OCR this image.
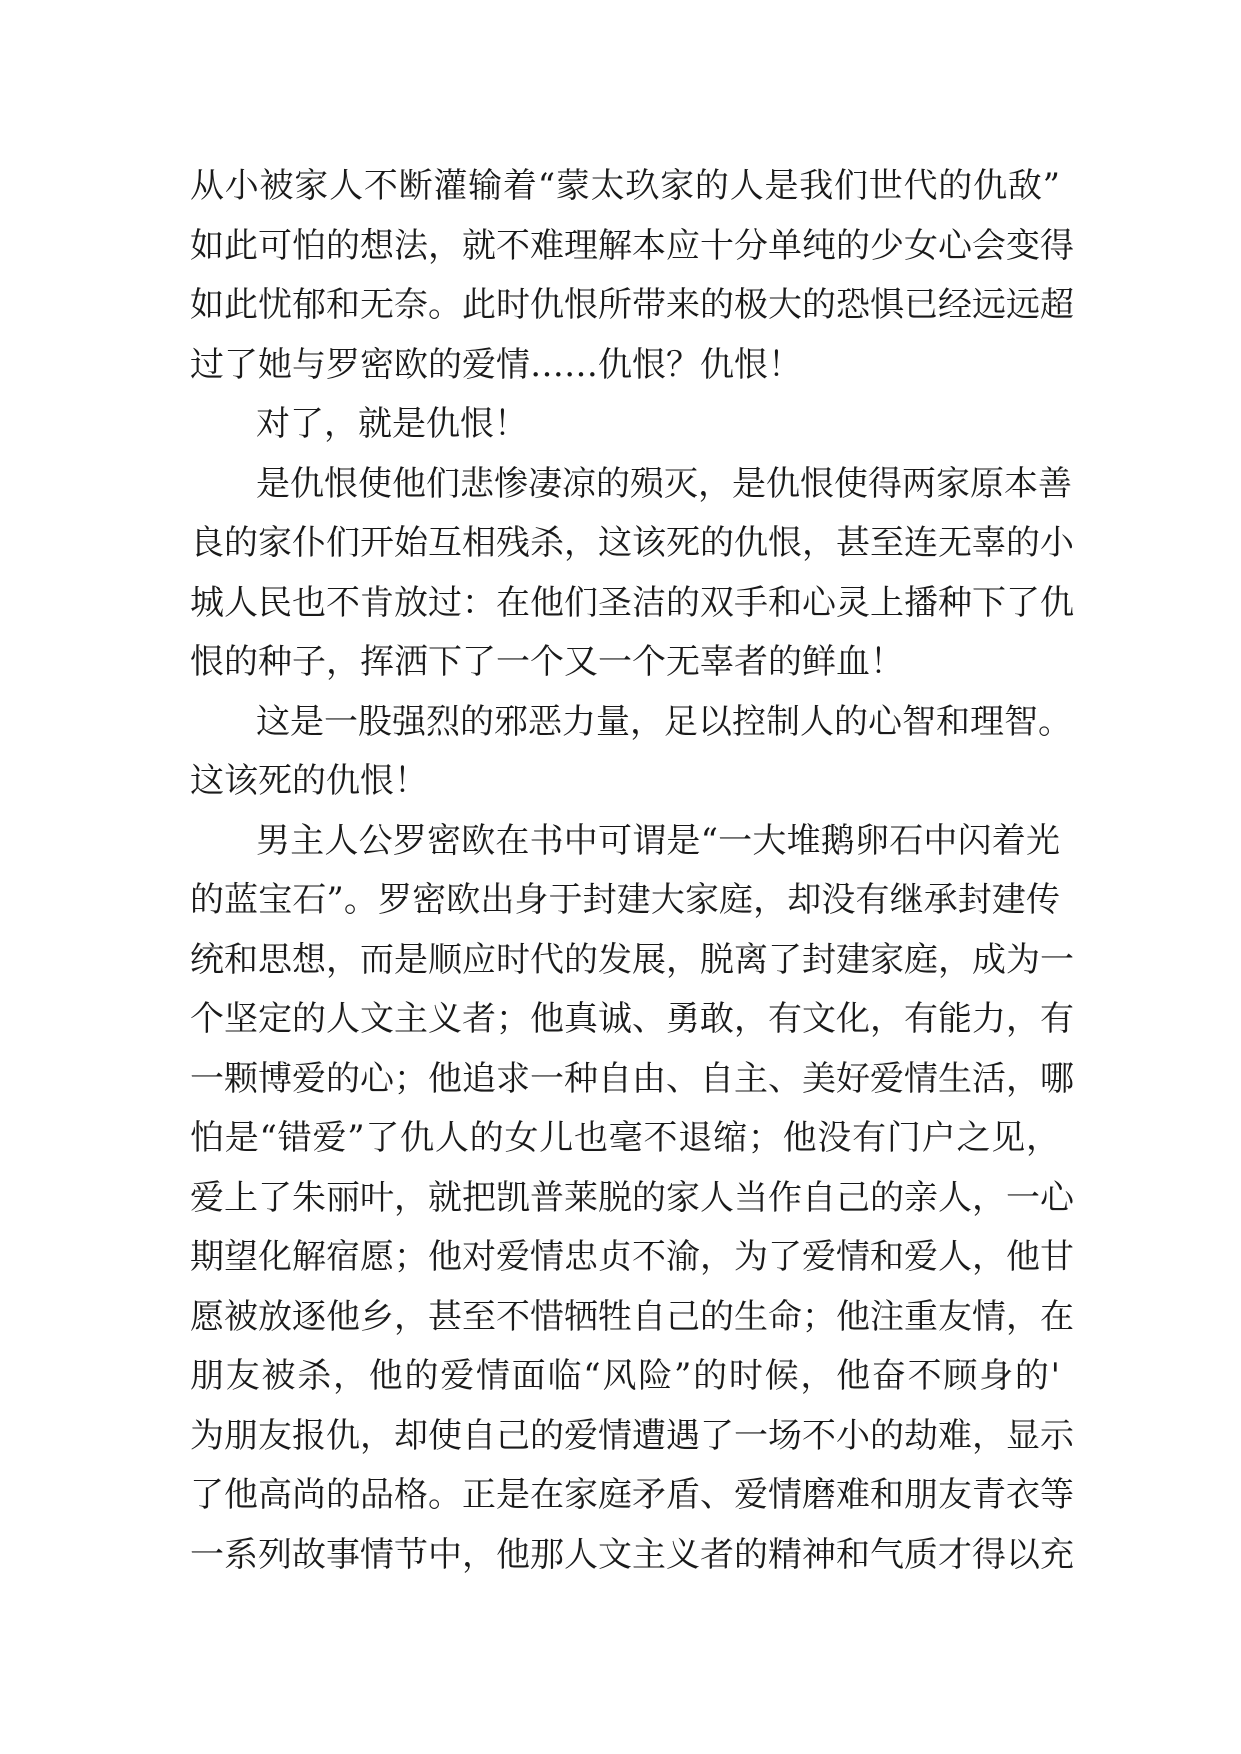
从小被家人不断灌输着“蒙太玖家的人是我们世代的仇敌”
如此可怕的想法，就不难理解本应十分单纯的少女心会变得
如此忧郁和无奈。此时仇恨所带来的极大的恐惧已经远远超
过了她与罗密欧的爱情……仇恨？仇恨！
对了，就是仇恨！
是仇恨使他们悲惨凄凉的殒灭，是仇恨使得两家原本善
良的家仆们开始互相残杀，这该死的仇恨，甚至连无辜的小
城人民也不肯放过：在他们圣洁的双手和心灵上播种下了仇
恨的种子，挥洒下了一个又一个无辜者的鲜血！
这是一股强烈的邪恶力量，足以控制人的心智和理智。
这该死的仇恨！
男主人公罗密欧在书中可谓是“一大堆鹅卵石中闪着光
的蓝宝石”。罗密欧出身于封建大家庭，却没有继承封建传
统和思想，而是顺应时代的发展，脱离了封建家庭，成为一
个坚定的人文主义者；他真诚、勇敢，有文化，有能力，有
一颗博爱的心；他追求一种自由、自主、美好爱情生活，哪
怕是“错爱”了仇人的女儿也毫不退缩；他没有门户之见，
爱上了朱丽叶，就把凯普莱脱的家人当作自己的亲人，一心
期望化解宿愿；他对爱情忠贞不渝，为了爱情和爱人，他甘
愿被放逐他乡，甚至不惜牺牲自己的生命；他注重友情，在
朋友被杀，他的爱情面临“风险”的时候，他奋不顾身的'
为朋友报仇，却使自己的爱情遭遇了一场不小的劫难，显示
了他高尚的品格。正是在家庭矛盾、爱情磨难和朋友青衣等
一系列故事情节中，他那人文主义者的精神和气质才得以充
